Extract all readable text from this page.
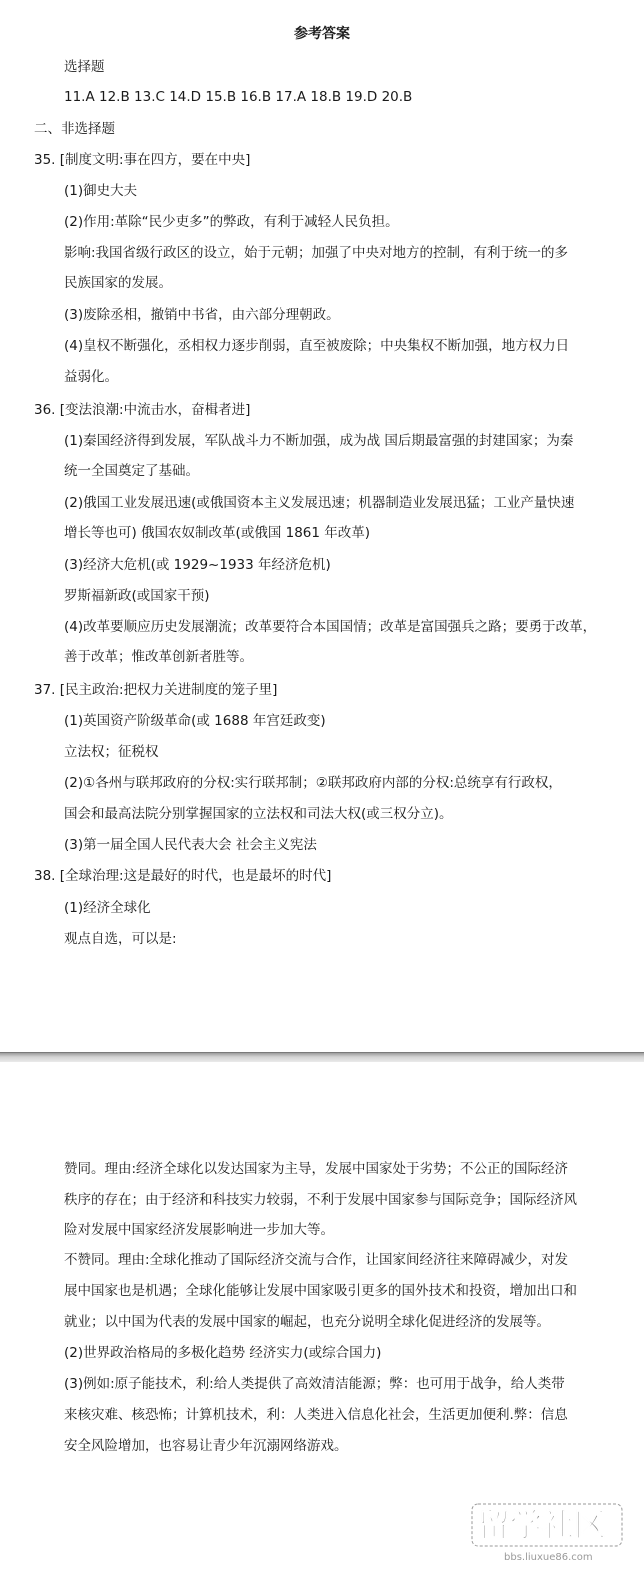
参考答案
选择题
11.A 12.B 13.C 14.D 15.B 16.B 17.A 18.B 19.D 20.B
二、非选择题
35. [制度文明:事在四方，要在中央]
(1)御史大夫
(2)作用:革除“民少吏多”的弊政，有利于减轻人民负担。
影响:我国省级行政区的设立，始于元朝；加强了中央对地方的控制，有利于统一的多
民族国家的发展。
(3)废除丞相，撤销中书省，由六部分理朝政。
(4)皇权不断强化，丞相权力逐步削弱，直至被废除；中央集权不断加强，地方权力日
益弱化。
36. [变法浪潮:中流击水，奋楫者进]
(1)秦国经济得到发展，军队战斗力不断加强，成为战 国后期最富强的封建国家；为秦
统一全国奠定了基础。
(2)俄国工业发展迅速(或俄国资本主义发展迅速；机器制造业发展迅猛；工业产量快速
增长等也可) 俄国农奴制改革(或俄国 1861 年改革)
(3)经济大危机(或 1929~1933 年经济危机)
罗斯福新政(或国家干预)
(4)改革要顺应历史发展潮流；改革要符合本国国情；改革是富国强兵之路；要勇于改革，
善于改革；惟改革创新者胜等。
37. [民主政治:把权力关进制度的笼子里]
(1)英国资产阶级革命(或 1688 年宫廷政变)
立法权；征税权
(2)①各州与联邦政府的分权:实行联邦制；②联邦政府内部的分权:总统享有行政权，
国会和最高法院分别掌握国家的立法权和司法大权(或三权分立)。
(3)第一届全国人民代表大会 社会主义宪法
38. [全球治理:这是最好的时代，也是最坏的时代]
(1)经济全球化
观点自选，可以是:
赞同。理由:经济全球化以发达国家为主导，发展中国家处于劣势；不公正的国际经济
秩序的存在；由于经济和科技实力较弱，不利于发展中国家参与国际竞争；国际经济风
险对发展中国家经济发展影响进一步加大等。
不赞同。理由:全球化推动了国际经济交流与合作，让国家间经济往来障碍减少，对发
展中国家也是机遇；全球化能够让发展中国家吸引更多的国外技术和投资，增加出口和
就业；以中国为代表的发展中国家的崛起，也充分说明全球化促进经济的发展等。
(2)世界政治格局的多极化趋势 经济实力(或综合国力)
(3)例如:原子能技术，利:给人类提供了高效清洁能源；弊：也可用于战争，给人类带
来核灾难、核恐怖；计算机技术，利：人类进入信息化社会，生活更加便利.弊：信息
安全风险增加，也容易让青少年沉溺网络游戏。
留学社区
bbs.liuxue86.com
